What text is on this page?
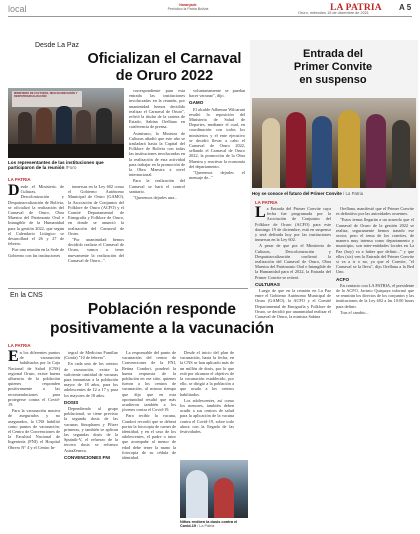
local	Naranjade
Periódico la Patria Bolivia	LA PATRIA A 5
Oruro, miércoles 15 de diciembre de 2021
Desde La Paz
Oficializan el Carnaval
de Oruro 2022
MINISTERIO DE CULTURAS, DESCOLONIZACIÓN Y DESPATRIARCALIZACIÓN
Los representantes de las instituciones que participaron de la reunión /Foro
LA PATRIA

Desde el Ministerio de Culturas, Descolonización y Despatriarcalización de Bolivia, se oficializó la realización del Carnaval de Oruro, Obra Maestra del Patrimonio Oral e Intangible de la Humanidad para la gestión 2022, que según el Calendario Litúrgico se desarrollará el 26 y 27 de febrero.

Fue una reunión en la Sede de Gobierno con las instituciones

inmersas en la Ley 602 como el Gobierno Autónomo Municipal de Oruro (GAMO), la Asociación de Conjuntos del Folklore de Oruro (ACFO) y el Comité Departamental de Etnografía y Folklore de Oruro, en donde se anunció la realización del Carnaval de Oruro.

"Por unanimidad hemos decidido realizar el Carnaval de Oruro, vamos a tener nuevamente la realización del Carnaval de Oruro...".

correspondiente para esta entrada las instituciones involucradas en la reunión, por unanimidad hemos decidido realizar el Carnaval de Oruro", refirió la titular de la cartera de Estado, Sabina Orellana en conferencia de prensa.

Asimismo, la Ministra de Culturas añadió que este año se trasladará hasta la Capital del Folklore de Bolivia con todas las instituciones involucradas en la realización de esta actividad para trabajar en la promoción de la Obra Maestra a nivel internacional.

Para la realización del Carnaval se hará el control sanitario.

"Queremos dejarles una...

voluntariamente se puedan hacer vacunar", dijo.

GAMO

El alcalde Adhemar Wilcarani resaltó la reposición del Ministerio de Salud de Deportes, mediante el cual, en coordinación con todos los ministerios y el ente ejecutivo se decidió llevar a cabo el Carnaval de Oruro 2022, sellando el Carnaval de Oruro 2022, la promoción de la Obra Maestra y reactivar la economía del departamento.

"Queremos dejarles el mensaje de..."

Entrada del
Primer Convite
en suspenso
Hoy se conoce el futuro del Primer Convite / La Patria
LA PATRIA

La Entrada del Primer Convite cuya fecha fue programada por la Asociación de Conjuntos del Folklore de Oruro (ACFO) para este domingo 19 de diciembre, está en suspenso y será definida hoy por las instituciones inmersas en la Ley 602.

A pesar de que por el Ministerio de Culturas, Descolonización y Despatriarcalización confirmó la realización del Carnaval de Oruro, Obra Maestra del Patrimonio Oral e Intangible de la Humanidad para el 2022, la Entrada del Primer Convite se reiteró.

CULTURAS

Luego de que en la reunión en La Paz entre el Gobierno Autónomo Municipal de Oruro (GAMO), la ACFO y el Comité Departamental de Etnografía y Folklore de Oruro, se decidió por unanimidad realizar el Carnaval de Oruro, la ministra Sabina

Orellana, manifestó que el Primer Convite es definitivo por las autoridades oruenses.

"Estos temas llegarán a un acuerdo que el Carnaval de Oruro de la gestión 2022 se realiza, seguramente hemos tratado ese sector, pero el tema de los convites, de manera muy intensa como departamento y municipio, son inter-entidades locales en La Paz (hoy) va a haber que definir..." y que ellos (sic) ven la Entrada del Primer Convite si va a ir o no, ya que el Convite, "el Carnaval se la lleva", dijo Orellana a la Red Uno.

ACFO

En contacto con LA PATRIA, el presidente de la ACFO, Jacinto Quispaya informó que se reunirán los directos de los conjuntos y las instituciones de la Ley 602 a las 10:00 horas para definir.

Tras el cambio...

En la CNS
Población responde
positivamente a la vacunación
LA PATRIA

En los diferentes puntos de vacunación habilitados por la Caja Nacional de Salud (CNS) regional Oruro, existe buena afluencia de la población quienes responden positivamente a las recomendaciones para protegerse contra el Covid-19.

Para la vacunación masiva de asegurados y no asegurados, la CNS habilitó como puntos de vacunación: el Centro de Convenciones de la Facultad Nacional de Ingeniería (FNI) el Hospital Obrero N° 4 y el Centro In-

tegral de Medicina Familiar (Cimfa) "10 de febrero".

En cada uno de los centros de vacunación, existe la suficiente cantidad de vacunas para inmunizar a la población mayor de 18 años, para los adolescentes de 12 a 17 y para los mayores de 18 años.

DOSIS

Dependiendo al grupo poblacional, se tiene previsto la segunda dosis de las vacunas Sinopharm y Pfizer primeras, y también se aplican las segundas dosis de la Sputnik-V, el refuerzo de la tercera dosis se refuerzo AstraZeneca.

CONVENCIONES FNI

La responsable del punto de vacunación del centro de Convenciones de la FNI, Betina Condori, ponderó la buena respuesta de la población en ese sitio, quienes fueron a los centros de vacunación, al mismo tiempo que dijo que en esta oportunidad resultó que más acudieron también a los jóvenes contra el Covid-19.

Para recibir la vacuna, Condori recordó que se deberá portar la fotocopia de carnet de identidad, y en el caso de los adolescentes, el padre o tutor que acompañe al menor de edad debe tener la mano la fotocopia de su cédula de identidad.

Desde el inicio del plan de vacunación, hasta la fecha, en la CNS se han aplicado más de un millón de dosis, por lo que está por alcanzar el objetivo de la vacunación establecido, por ello, se dirigió a la población a que acuda a los centros habilitados.

Los adolescentes, así como los menores, también deben acudir a sus centros de salud para la aplicación de la vacuna contra el Covid-19, sobre todo ahora con la llegada de las festividades.

Niños reciben la dosis contra el Covid-19 / La Patria
